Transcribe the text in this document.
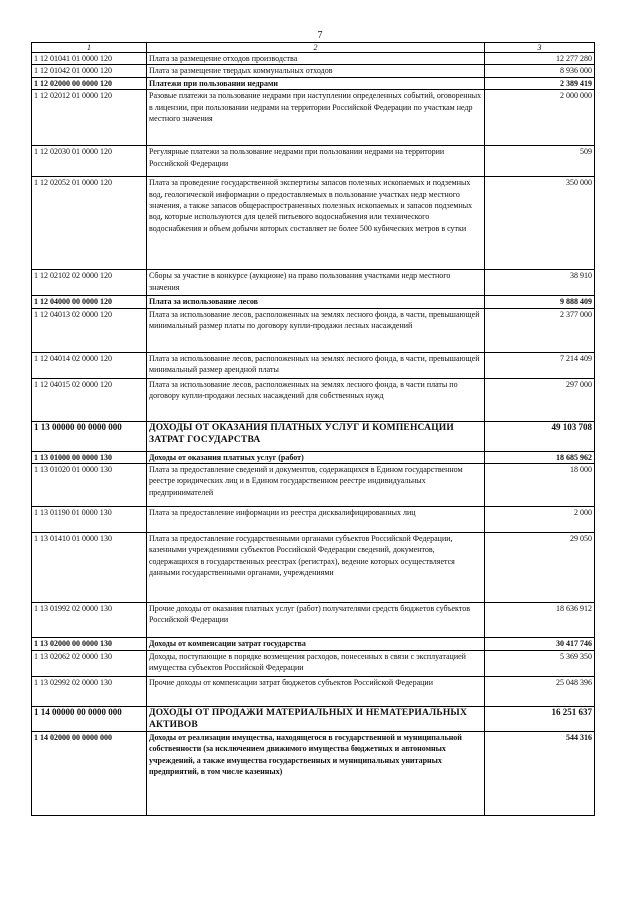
7
1	2	3
1 12 01041 01 0000 120	Плата за размещение отходов производства	12 277 280
1 12 01042 01 0000 120	Плата за размещение твердых коммунальных отходов	8 936 000
1 12 02000 00 0000 120	Платежи при пользовании недрами	2 389 419
1 12 02012 01 0000 120	Разовые платежи за пользование недрами при наступлении определенных событий, оговоренных в лицензии, при пользовании недрами на территории Российской Федерации по участкам недр местного значения	2 000 000
1 12 02030 01 0000 120	Регулярные платежи за пользование недрами при пользовании недрами на территории Российской Федерации	509
1 12 02052 01 0000 120	Плата за проведение государственной экспертизы запасов полезных ископаемых и подземных вод, геологической информации о предоставляемых в пользование участках недр местного значения, а также запасов общераспространенных полезных ископаемых и запасов подземных вод, которые используются для целей питьевого водоснабжения или технического водоснабжения и объем добычи которых составляет не более 500 кубических метров в сутки	350 000
1 12 02102 02 0000 120	Сборы за участие в конкурсе (аукционе) на право пользования участками недр местного значения	38 910
1 12 04000 00 0000 120	Плата за использование лесов	9 888 409
1 12 04013 02 0000 120	Плата за использование лесов, расположенных на землях лесного фонда, в части, превышающей минимальный размер платы по договору купли-продажи лесных насаждений	2 377 000
1 12 04014 02 0000 120	Плата за использование лесов, расположенных на землях лесного фонда, в части, превышающей минимальный размер арендной платы	7 214 409
1 12 04015 02 0000 120	Плата за использование лесов, расположенных на землях лесного фонда, в части платы по договору купли-продажи лесных насаждений для собственных нужд	297 000
1 13 00000 00 0000 000	ДОХОДЫ ОТ ОКАЗАНИЯ ПЛАТНЫХ УСЛУГ И КОМПЕНСАЦИИ ЗАТРАТ ГОСУДАРСТВА	49 103 708
1 13 01000 00 0000 130	Доходы от оказания платных услуг (работ)	18 685 962
1 13 01020 01 0000 130	Плата за предоставление сведений и документов, содержащихся в Едином государственном реестре юридических лиц и в Едином государственном реестре индивидуальных предпринимателей	18 000
1 13 01190 01 0000 130	Плата за предоставление информации из реестра дисквалифицированных лиц	2 000
1 13 01410 01 0000 130	Плата за предоставление государственными органами субъектов Российской Федерации, казенными учреждениями субъектов Российской Федерации сведений, документов, содержащихся в государственных реестрах (регистрах), ведение которых осуществляется данными государственными органами, учреждениями	29 050
1 13 01992 02 0000 130	Прочие доходы от оказания платных услуг (работ) получателями средств бюджетов субъектов Российской Федерации	18 636 912
1 13 02000 00 0000 130	Доходы от компенсации затрат государства	30 417 746
1 13 02062 02 0000 130	Доходы, поступающие в порядке возмещения расходов, понесенных в связи с эксплуатацией имущества субъектов Российской Федерации	5 369 350
1 13 02992 02 0000 130	Прочие доходы от компенсации затрат бюджетов субъектов Российской Федерации	25 048 396
1 14 00000 00 0000 000	ДОХОДЫ ОТ ПРОДАЖИ МАТЕРИАЛЬНЫХ И НЕМАТЕРИАЛЬНЫХ АКТИВОВ	16 251 637
1 14 02000 00 0000 000	Доходы от реализации имущества, находящегося в государственной и муниципальной собственности (за исключением движимого имущества бюджетных и автономных учреждений, а также имущества государственных и муниципальных унитарных предприятий, в том числе казенных)	544 316
